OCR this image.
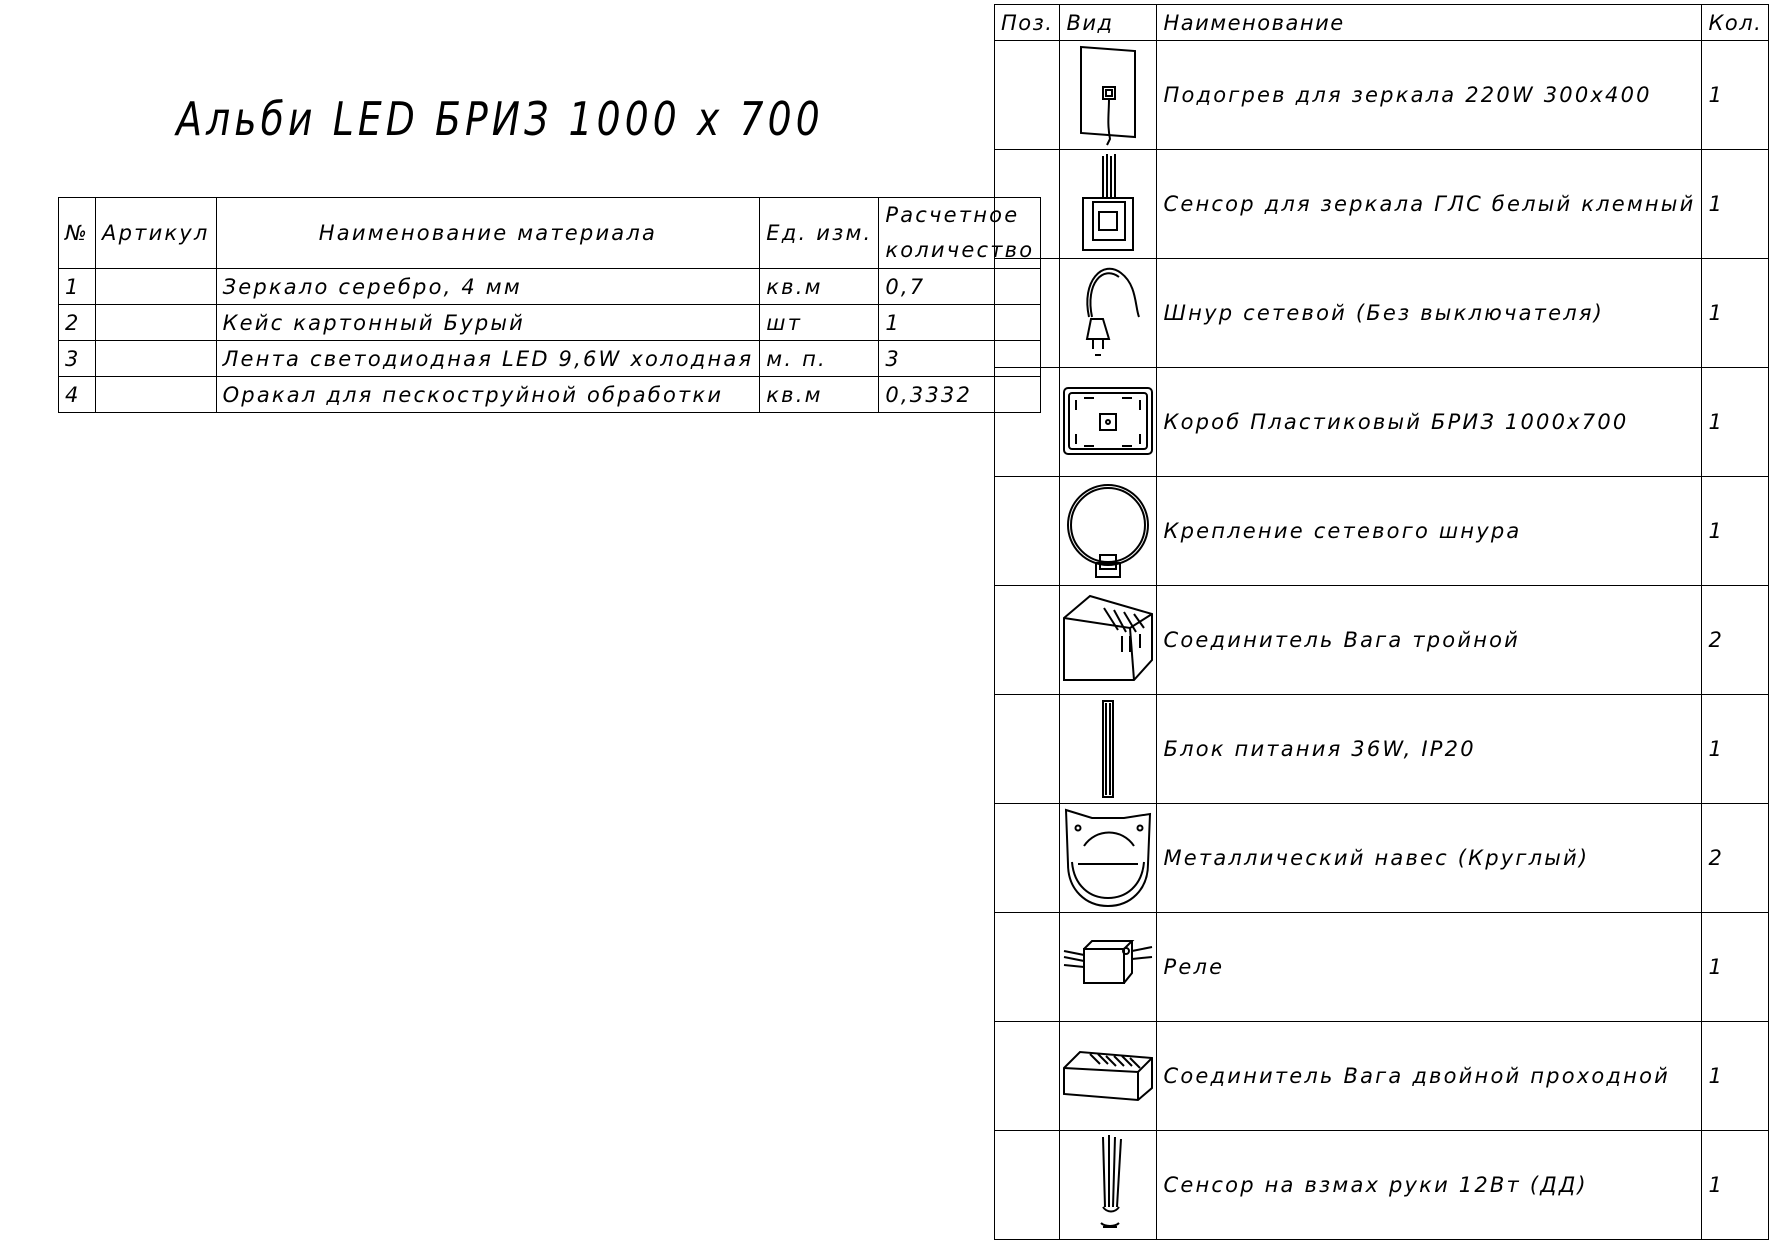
Альби LED БРИЗ 1000 x 700
№	Артикул	Наименование материала	Ед. изм.	Расчетное
количество
1		Зеркало серебро, 4 мм	кв.м	0,7
2		Кейс картонный Бурый	шт	1
3		Лента светодиодная LED 9,6W холодная	м. п.	3
4		Оракал для пескоструйной обработки	кв.м	0,3332
Поз.	Вид	Наименование	Кол.

	Подогрев для зеркала 220W 300x400	1

	Сенсор для зеркала ГЛС белый клемный	1

	Шнур сетевой (Без выключателя)	1

	Короб Пластиковый БРИЗ 1000x700	1

	Крепление сетевого шнура	1

	Соединитель Вага тройной	2

	Блок питания 36W, IP20	1

	Металлический навес (Круглый)	2

	Реле	1

	Соединитель Вага двойной проходной	1

	Сенсор на взмах руки 12Вт (ДД)	1
